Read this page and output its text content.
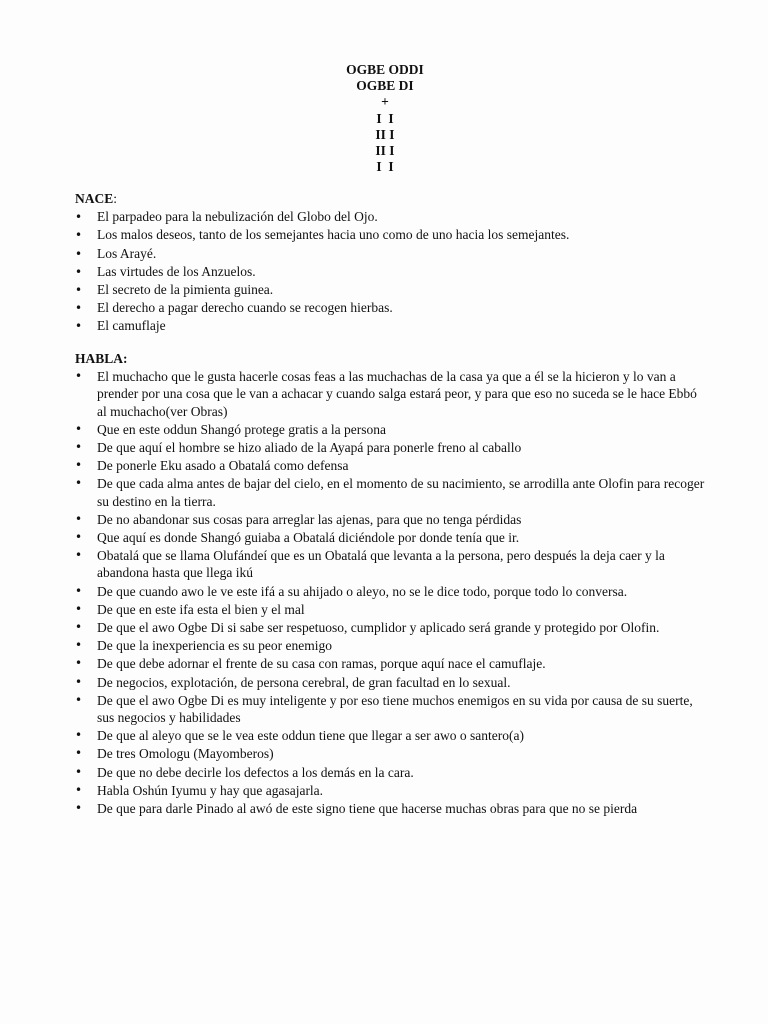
OGBE ODDI
OGBE DI
+
I  I
II I
II I
I  I
NACE:
• El parpadeo para la nebulización del Globo del Ojo.
• Los malos deseos, tanto de los semejantes hacia uno como de uno hacia los semejantes.
• Los Arayé.
• Las virtudes de los Anzuelos.
• El secreto de la pimienta guinea.
• El derecho a pagar derecho cuando se recogen hierbas.
• El camuflaje
HABLA:
• El muchacho que le gusta hacerle cosas feas a las muchachas de la casa ya que a él se la hicieron y lo van a prender por una cosa que le van a achacar y cuando salga estará peor, y para que eso no suceda se le hace Ebbó al muchacho(ver Obras)
• Que en este oddun Shangó protege gratis a la persona
• De que aquí el hombre se hizo aliado de la Ayapá para ponerle freno al caballo
• De ponerle Eku asado a Obatalá como defensa
• De que cada alma antes de bajar del cielo, en el momento de su nacimiento, se arrodilla ante Olofin para recoger su destino en la tierra.
• De no abandonar sus cosas para arreglar las ajenas, para que no tenga pérdidas
• Que aquí es donde Shangó guiaba a Obatalá diciéndole por donde tenía que ir.
• Obatalá que se llama Olufándeí que es un Obatalá que levanta a la persona, pero después la deja caer y la abandona hasta que llega ikú
• De que cuando awo le ve este ifá a su ahijado o aleyo, no se le dice todo, porque todo lo conversa.
• De que en este ifa esta el bien y el mal
• De que el awo Ogbe Di si sabe ser respetuoso, cumplidor y aplicado será grande y protegido por Olofin.
• De que la inexperiencia es su peor enemigo
• De que debe adornar el frente de su casa con ramas, porque aquí nace el camuflaje.
• De negocios, explotación, de persona cerebral, de gran facultad en lo sexual.
• De que el awo Ogbe Di es muy inteligente y por eso tiene muchos enemigos en su vida por causa de su suerte, sus negocios y habilidades
• De que al aleyo que se le vea este oddun tiene que llegar a ser awo o santero(a)
• De tres Omologu (Mayomberos)
• De que no debe decirle los defectos a los demás en la cara.
• Habla Oshún Iyumu y hay que agasajarla.
• De que para darle Pinado al awó de este signo tiene que hacerse muchas obras para que no se pierda
